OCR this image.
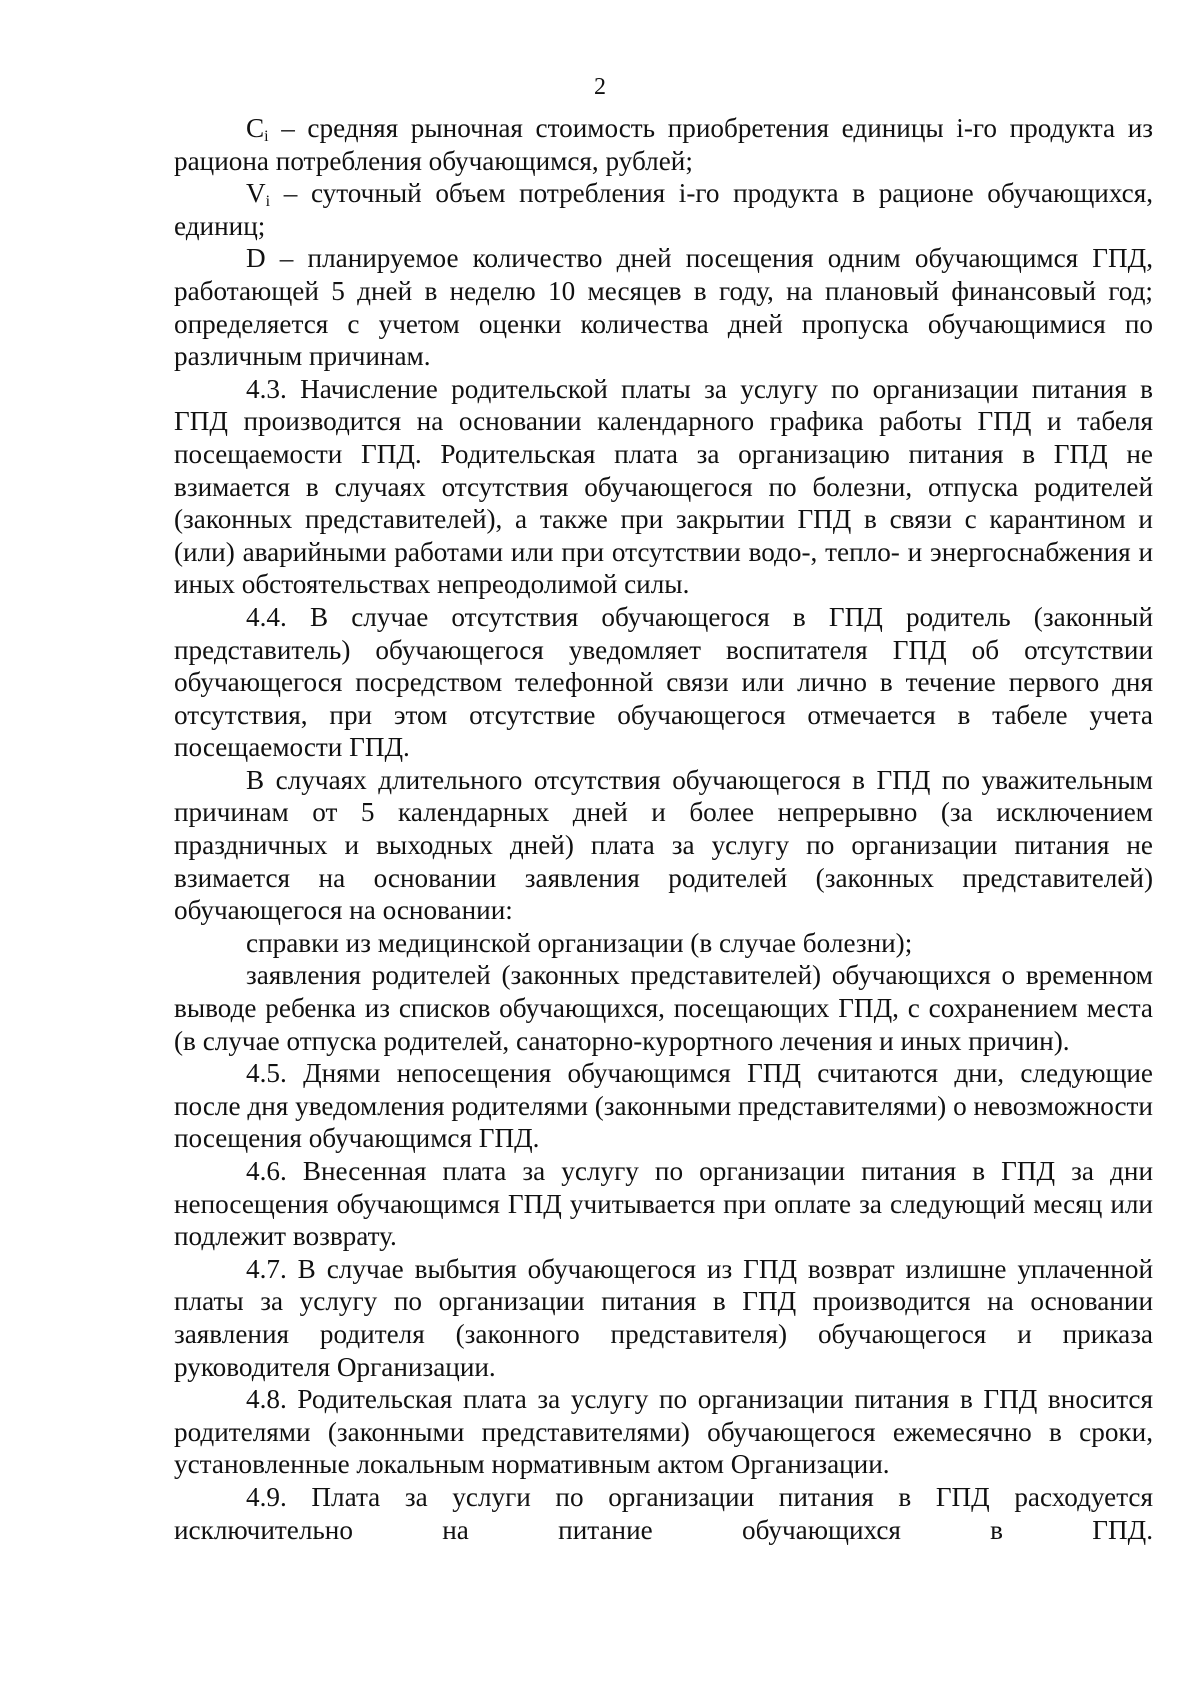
2

$C_i$ – средняя рыночная стоимость приобретения единицы i-го продукта из рациона потребления обучающимся, рублей;

$V_i$ – суточный объем потребления i-го продукта в рационе обучающихся, единиц;

D – планируемое количество дней посещения одним обучающимся ГПД, работающей 5 дней в неделю 10 месяцев в году, на плановый финансовый год; определяется с учетом оценки количества дней пропуска обучающимися по различным причинам.

4.3. Начисление родительской платы за услугу по организации питания в ГПД производится на основании календарного графика работы ГПД и табеля посещаемости ГПД. Родительская плата за организацию питания в ГПД не взимается в случаях отсутствия обучающегося по болезни, отпуска родителей (законных представителей), а также при закрытии ГПД в связи с карантином и (или) аварийными работами или при отсутствии водо-, тепло- и энергоснабжения и иных обстоятельствах непреодолимой силы.

4.4. В случае отсутствия обучающегося в ГПД родитель (законный представитель) обучающегося уведомляет воспитателя ГПД об отсутствии обучающегося посредством телефонной связи или лично в течение первого дня отсутствия, при этом отсутствие обучающегося отмечается в табеле учета посещаемости ГПД.

В случаях длительного отсутствия обучающегося в ГПД по уважительным причинам от 5 календарных дней и более непрерывно (за исключением праздничных и выходных дней) плата за услугу по организации питания не взимается на основании заявления родителей (законных представителей) обучающегося на основании:

справки из медицинской организации (в случае болезни);

заявления родителей (законных представителей) обучающихся о временном выводе ребенка из списков обучающихся, посещающих ГПД, с сохранением места (в случае отпуска родителей, санаторно-курортного лечения и иных причин).

4.5. Днями непосещения обучающимся ГПД считаются дни, следующие после дня уведомления родителями (законными представителями) о невозможности посещения обучающимся ГПД.

4.6. Внесенная плата за услугу по организации питания в ГПД за дни непосещения обучающимся ГПД учитывается при оплате за следующий месяц или подлежит возврату.

4.7. В случае выбытия обучающегося из ГПД возврат излишне уплаченной платы за услугу по организации питания в ГПД производится на основании заявления родителя (законного представителя) обучающегося и приказа руководителя Организации.

4.8. Родительская плата за услугу по организации питания в ГПД вносится родителями (законными представителями) обучающегося ежемесячно в сроки, установленные локальным нормативным актом Организации.

4.9. Плата за услуги по организации питания в ГПД расходуется исключительно на питание обучающихся в ГПД.
